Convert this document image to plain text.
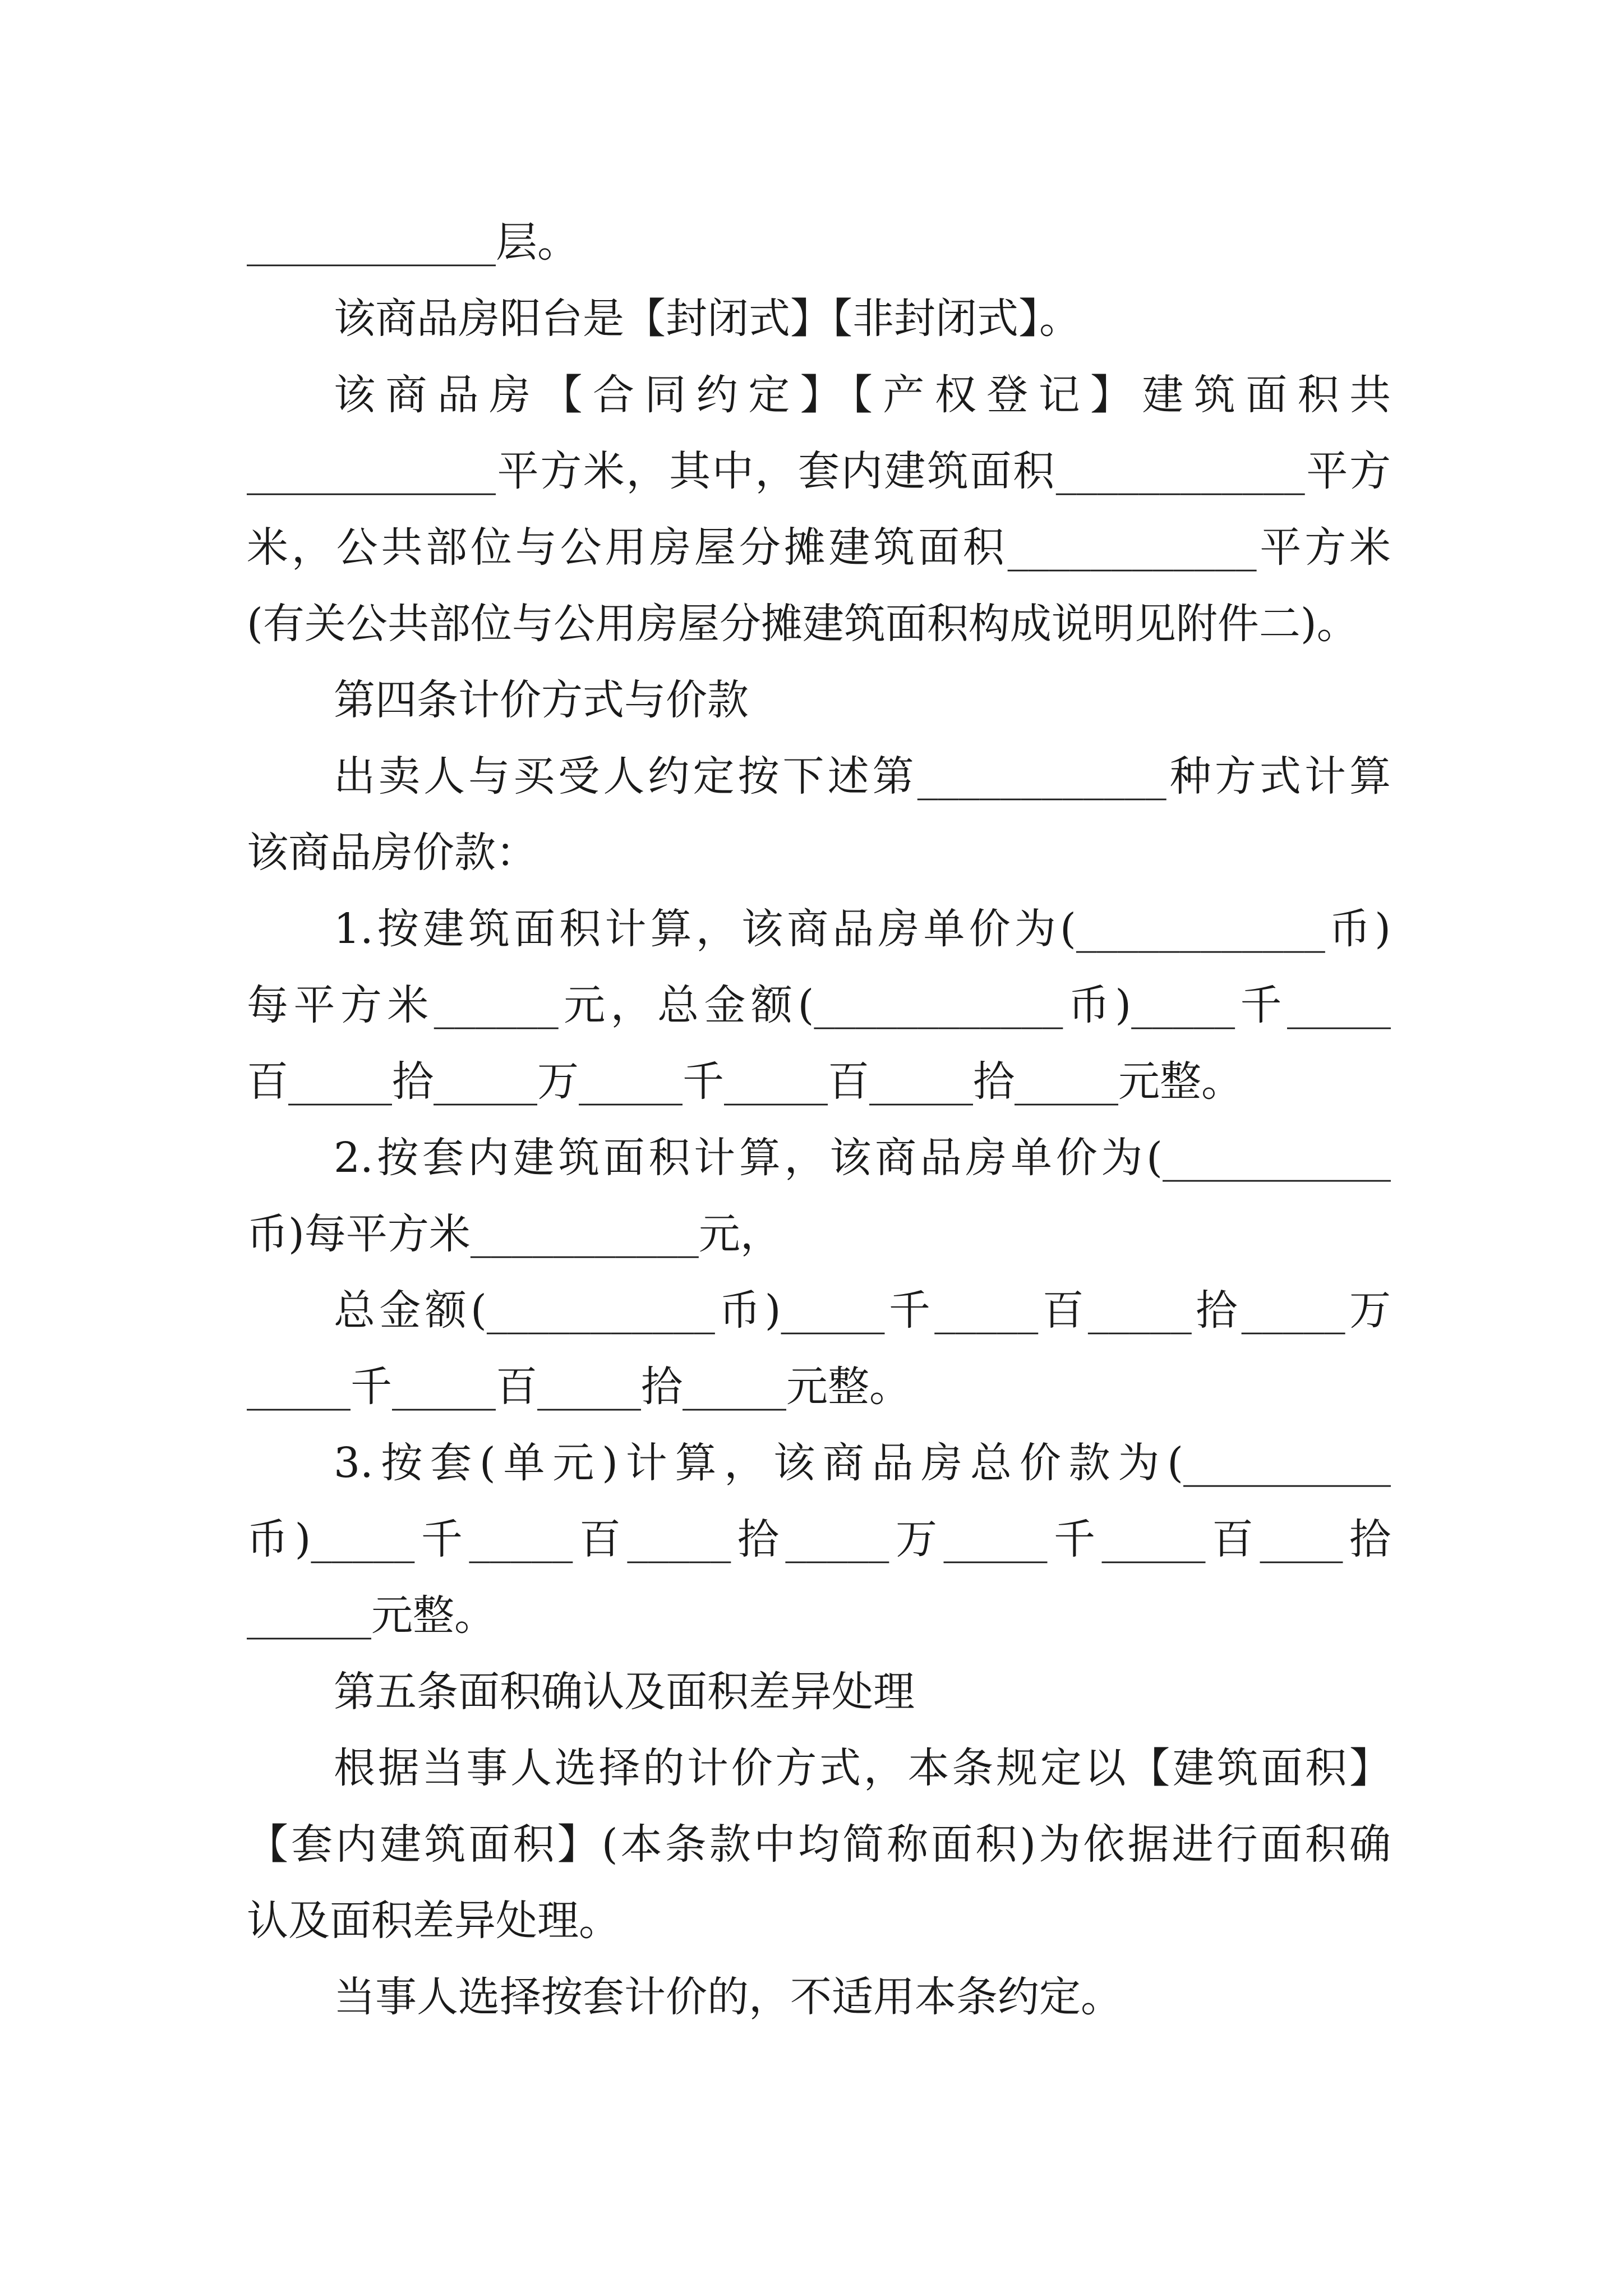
____________层。
该商品房阳台是【封闭式】【非封闭式】。
该商品房【合同约定】【产权登记】建筑面积共
____________平方米，其中，套内建筑面积____________平方
米，公共部位与公用房屋分摊建筑面积____________平方米
(有关公共部位与公用房屋分摊建筑面积构成说明见附件二)。
第四条计价方式与价款
出卖人与买受人约定按下述第____________种方式计算
该商品房价款：
1.按建筑面积计算，该商品房单价为(____________币)
每平方米______元，总金额(____________币)_____千_____
百_____拾_____万_____千_____百_____拾_____元整。
2.按套内建筑面积计算，该商品房单价为(___________
币)每平方米___________元，
总金额(___________币)_____千_____百_____拾_____万
_____千_____百_____拾_____元整。
3.按套(单元)计算，该商品房总价款为(__________
币)_____千_____百_____拾_____万_____千_____百____拾
______元整。
第五条面积确认及面积差异处理
根据当事人选择的计价方式，本条规定以【建筑面积】
【套内建筑面积】(本条款中均简称面积)为依据进行面积确
认及面积差异处理。
当事人选择按套计价的，不适用本条约定。
